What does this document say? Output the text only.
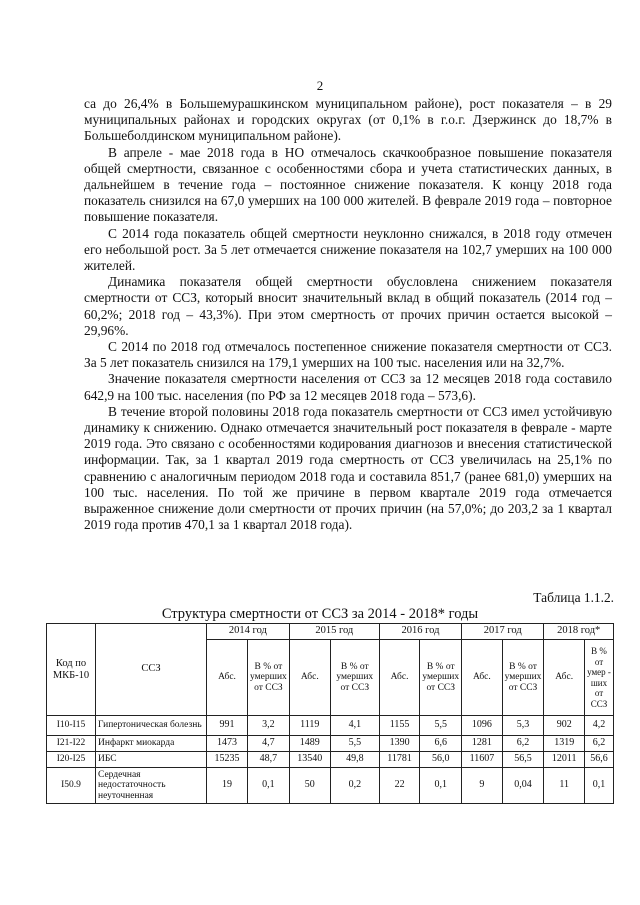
2

са до 26,4% в Большемурашкинском муниципальном районе), рост показателя – в 29 муниципальных районах и городских округах (от 0,1% в г.о.г. Дзержинск до 18,7% в Большеболдинском муниципальном районе).

В апреле - мае 2018 года в НО отмечалось скачкообразное повышение показателя общей смертности, связанное с особенностями сбора и учета статистических данных, в дальнейшем в течение года – постоянное снижение показателя. К концу 2018 года показатель снизился на 67,0 умерших на 100 000 жителей. В феврале 2019 года – повторное повышение показателя.

С 2014 года показатель общей смертности неуклонно снижался, в 2018 году отмечен его небольшой рост. За 5 лет отмечается снижение показателя на 102,7 умерших на 100 000 жителей.

Динамика показателя общей смертности обусловлена снижением показателя смертности от ССЗ, который вносит значительный вклад в общий показатель (2014 год – 60,2%; 2018 год – 43,3%). При этом смертность от прочих причин остается высокой – 29,96%.

С 2014 по 2018 год отмечалось постепенное снижение показателя смертности от ССЗ. За 5 лет показатель снизился на 179,1 умерших на 100 тыс. населения или на 32,7%.

Значение показателя смертности населения от ССЗ за 12 месяцев 2018 года составило 642,9 на 100 тыс. населения (по РФ за 12 месяцев 2018 года – 573,6).

В течение второй половины 2018 года показатель смертности от ССЗ имел устойчивую динамику к снижению. Однако отмечается значительный рост показателя в феврале - марте 2019 года. Это связано с особенностями кодирования диагнозов и внесения статистической информации. Так, за 1 квартал 2019 года смертность от ССЗ увеличилась на 25,1% по сравнению с аналогичным периодом 2018 года и составила 851,7 (ранее 681,0) умерших на 100 тыс. населения. По той же причине в первом квартале 2019 года отмечается выраженное снижение доли смертности от прочих причин (на 57,0%; до 203,2 за 1 квартал 2019 года против 470,1 за 1 квартал 2018 года).

Таблица 1.1.2.
Структура смертности от ССЗ за 2014 - 2018* годы
Код по МКБ-10	ССЗ	2014 год		2015 год		2016 год		2017 год		2018 год*	
		Абс.	В % от умерших от ССЗ	Абс.	В % от умерших от ССЗ	Абс.	В % от умерших от ССЗ	Абс.	В % от умерших от ССЗ	Абс.	В % от умер - ших от ССЗ
I10-I15	Гипертоническая болезнь	991	3,2	1119	4,1	1155	5,5	1096	5,3	902	4,2
I21-I22	Инфаркт миокарда	1473	4,7	1489	5,5	1390	6,6	1281	6,2	1319	6,2
I20-I25	ИБС	15235	48,7	13540	49,8	11781	56,0	11607	56,5	12011	56,6
I50.9	Сердечная недостаточность неуточненная	19	0,1	50	0,2	22	0,1	9	0,04	11	0,1
